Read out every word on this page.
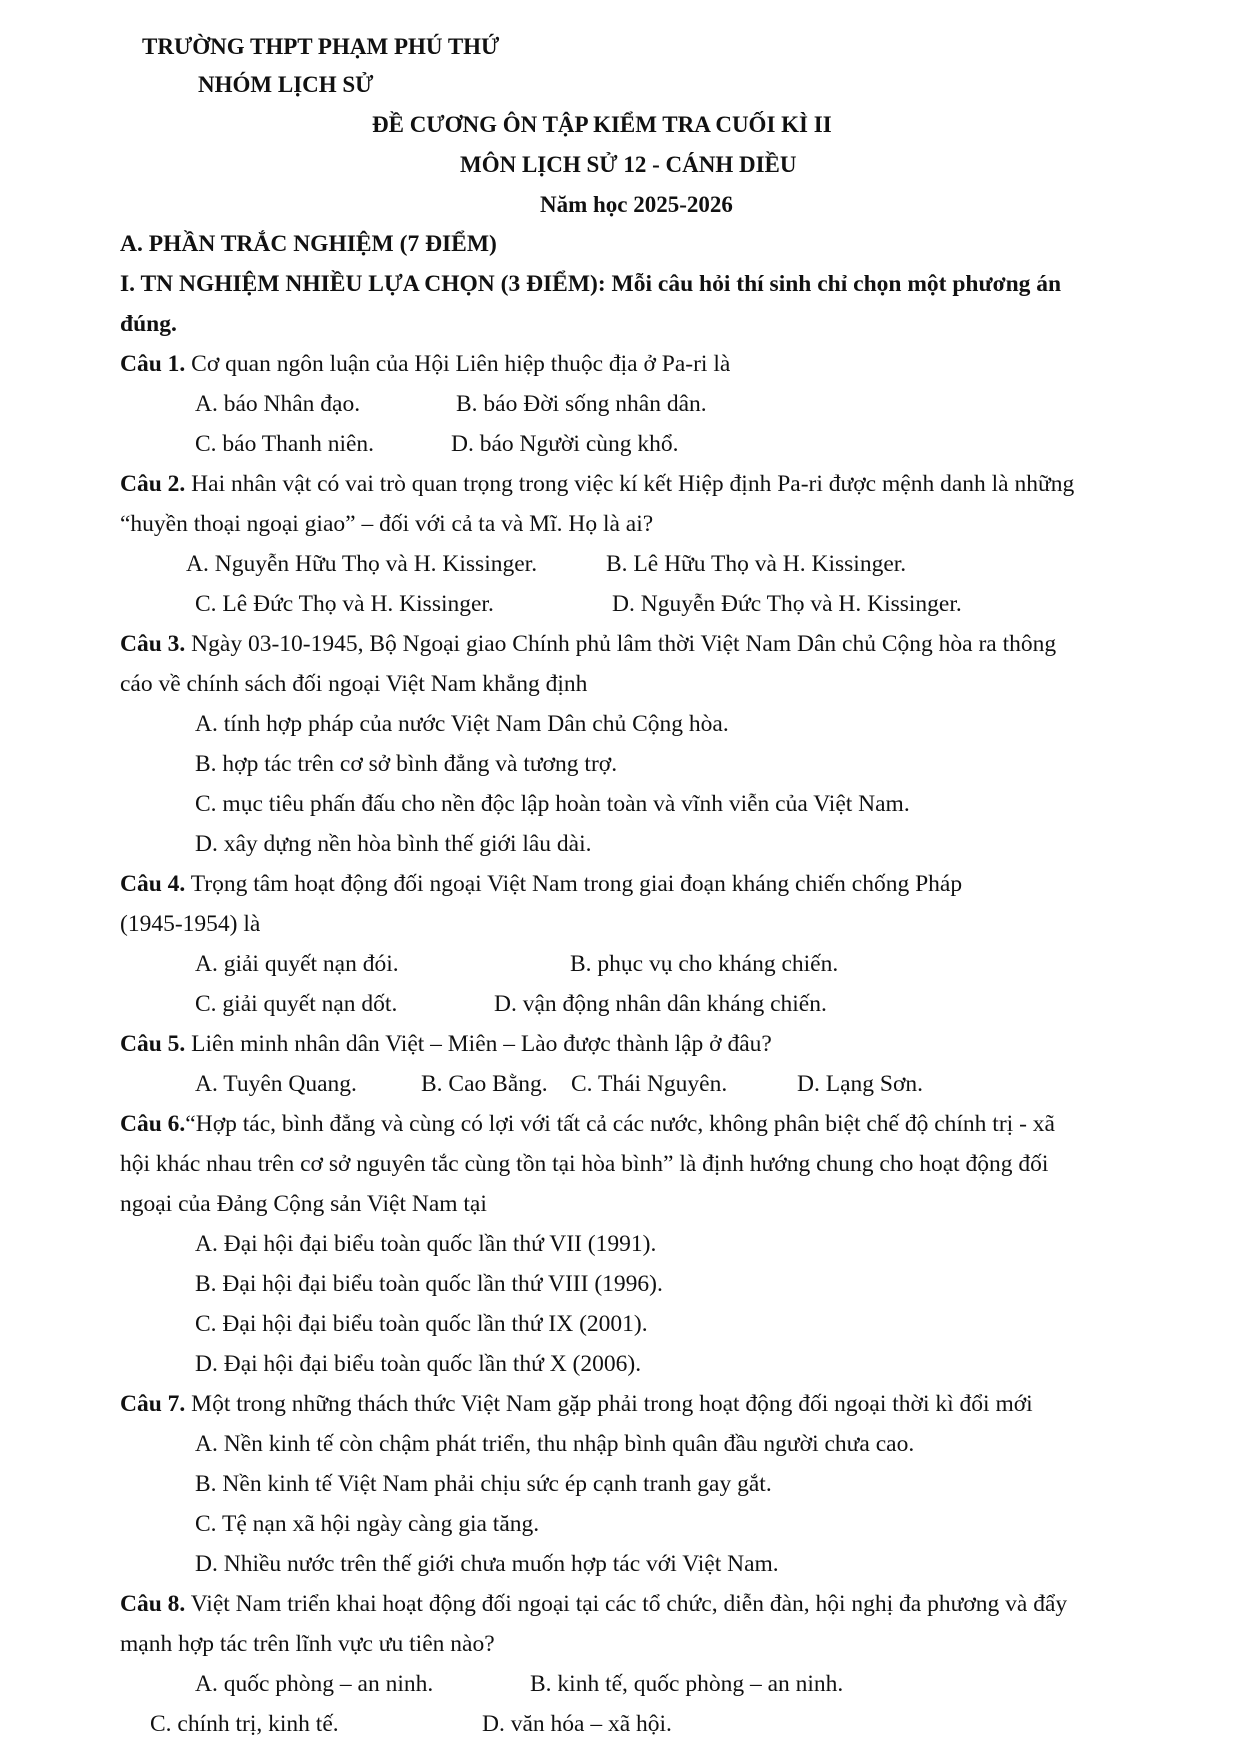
TRƯỜNG THPT PHẠM PHÚ THỨ
NHÓM LỊCH SỬ
ĐỀ CƯƠNG ÔN TẬP KIỂM TRA CUỐI KÌ II
MÔN LỊCH SỬ 12 - CÁNH DIỀU
Năm học 2025-2026
A. PHẦN TRẮC NGHIỆM (7 ĐIỂM)
I. TN NGHIỆM NHIỀU LỰA CHỌN (3 ĐIỂM): Mỗi câu hỏi thí sinh chỉ chọn một phương án
đúng.
Câu 1. Cơ quan ngôn luận của Hội Liên hiệp thuộc địa ở Pa-ri là
A. báo Nhân đạo.	B. báo Đời sống nhân dân.
C. báo Thanh niên.	D. báo Người cùng khổ.
Câu 2. Hai nhân vật có vai trò quan trọng trong việc kí kết Hiệp định Pa-ri được mệnh danh là những
“huyền thoại ngoại giao” – đối với cả ta và Mĩ. Họ là ai?
A. Nguyễn Hữu Thọ và H. Kissinger.	B. Lê Hữu Thọ và H. Kissinger.
C. Lê Đức Thọ và H. Kissinger.	D. Nguyễn Đức Thọ và H. Kissinger.
Câu 3. Ngày 03-10-1945, Bộ Ngoại giao Chính phủ lâm thời Việt Nam Dân chủ Cộng hòa ra thông
cáo về chính sách đối ngoại Việt Nam khẳng định
A. tính hợp pháp của nước Việt Nam Dân chủ Cộng hòa.
B. hợp tác trên cơ sở bình đẳng và tương trợ.
C. mục tiêu phấn đấu cho nền độc lập hoàn toàn và vĩnh viễn của Việt Nam.
D. xây dựng nền hòa bình thế giới lâu dài.
Câu 4. Trọng tâm hoạt động đối ngoại Việt Nam trong giai đoạn kháng chiến chống Pháp
(1945-1954) là
A. giải quyết nạn đói.	B. phục vụ cho kháng chiến.
C. giải quyết nạn dốt.	D. vận động nhân dân kháng chiến.
Câu 5. Liên minh nhân dân Việt – Miên – Lào được thành lập ở đâu?
A. Tuyên Quang.	B. Cao Bằng. C. Thái Nguyên.	D. Lạng Sơn.
Câu 6.“Hợp tác, bình đẳng và cùng có lợi với tất cả các nước, không phân biệt chế độ chính trị - xã
hội khác nhau trên cơ sở nguyên tắc cùng tồn tại hòa bình” là định hướng chung cho hoạt động đối
ngoại của Đảng Cộng sản Việt Nam tại
A. Đại hội đại biểu toàn quốc lần thứ VII (1991).
B. Đại hội đại biểu toàn quốc lần thứ VIII (1996).
C. Đại hội đại biểu toàn quốc lần thứ IX (2001).
D. Đại hội đại biểu toàn quốc lần thứ X (2006).
Câu 7. Một trong những thách thức Việt Nam gặp phải trong hoạt động đối ngoại thời kì đổi mới
A. Nền kinh tế còn chậm phát triển, thu nhập bình quân đầu người chưa cao.
B. Nền kinh tế Việt Nam phải chịu sức ép cạnh tranh gay gắt.
C. Tệ nạn xã hội ngày càng gia tăng.
D. Nhiều nước trên thế giới chưa muốn hợp tác với Việt Nam.
Câu 8. Việt Nam triển khai hoạt động đối ngoại tại các tổ chức, diễn đàn, hội nghị đa phương và đẩy
mạnh hợp tác trên lĩnh vực ưu tiên nào?
A. quốc phòng – an ninh.	B. kinh tế, quốc phòng – an ninh.
C. chính trị, kinh tế.	D. văn hóa – xã hội.
